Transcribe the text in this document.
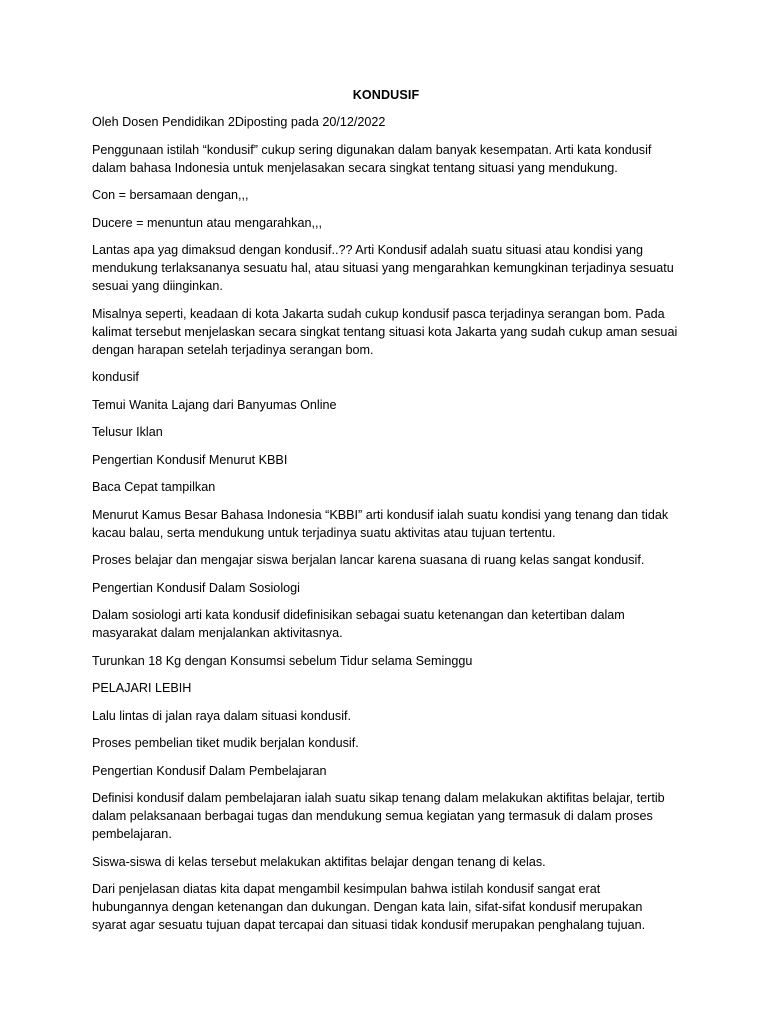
KONDUSIF

Oleh Dosen Pendidikan 2Diposting pada 20/12/2022

Penggunaan istilah “kondusif” cukup sering digunakan dalam banyak kesempatan. Arti kata kondusif dalam bahasa Indonesia untuk menjelasakan secara singkat tentang situasi yang mendukung.

Con = bersamaan dengan,,,

Ducere = menuntun atau mengarahkan,,,

Lantas apa yag dimaksud dengan kondusif..?? Arti Kondusif adalah suatu situasi atau kondisi yang mendukung terlaksananya sesuatu hal, atau situasi yang mengarahkan kemungkinan terjadinya sesuatu sesuai yang diinginkan.

Misalnya seperti, keadaan di kota Jakarta sudah cukup kondusif pasca terjadinya serangan bom. Pada kalimat tersebut menjelaskan secara singkat tentang situasi kota Jakarta yang sudah cukup aman sesuai dengan harapan setelah terjadinya serangan bom.

kondusif

Temui Wanita Lajang dari Banyumas Online

Telusur Iklan

Pengertian Kondusif Menurut KBBI

Baca Cepat tampilkan

Menurut Kamus Besar Bahasa Indonesia “KBBI” arti kondusif ialah suatu kondisi yang tenang dan tidak kacau balau, serta mendukung untuk terjadinya suatu aktivitas atau tujuan tertentu.

Proses belajar dan mengajar siswa berjalan lancar karena suasana di ruang kelas sangat kondusif.

Pengertian Kondusif Dalam Sosiologi

Dalam sosiologi arti kata kondusif didefinisikan sebagai suatu ketenangan dan ketertiban dalam masyarakat dalam menjalankan aktivitasnya.

Turunkan 18 Kg dengan Konsumsi sebelum Tidur selama Seminggu

PELAJARI LEBIH

Lalu lintas di jalan raya dalam situasi kondusif.

Proses pembelian tiket mudik berjalan kondusif.

Pengertian Kondusif Dalam Pembelajaran

Definisi kondusif dalam pembelajaran ialah suatu sikap tenang dalam melakukan aktifitas belajar, tertib dalam pelaksanaan berbagai tugas dan mendukung semua kegiatan yang termasuk di dalam proses pembelajaran.

Siswa-siswa di kelas tersebut melakukan aktifitas belajar dengan tenang di kelas.

Dari penjelasan diatas kita dapat mengambil kesimpulan bahwa istilah kondusif sangat erat hubungannya dengan ketenangan dan dukungan. Dengan kata lain, sifat-sifat kondusif merupakan syarat agar sesuatu tujuan dapat tercapai dan situasi tidak kondusif merupakan penghalang tujuan.
